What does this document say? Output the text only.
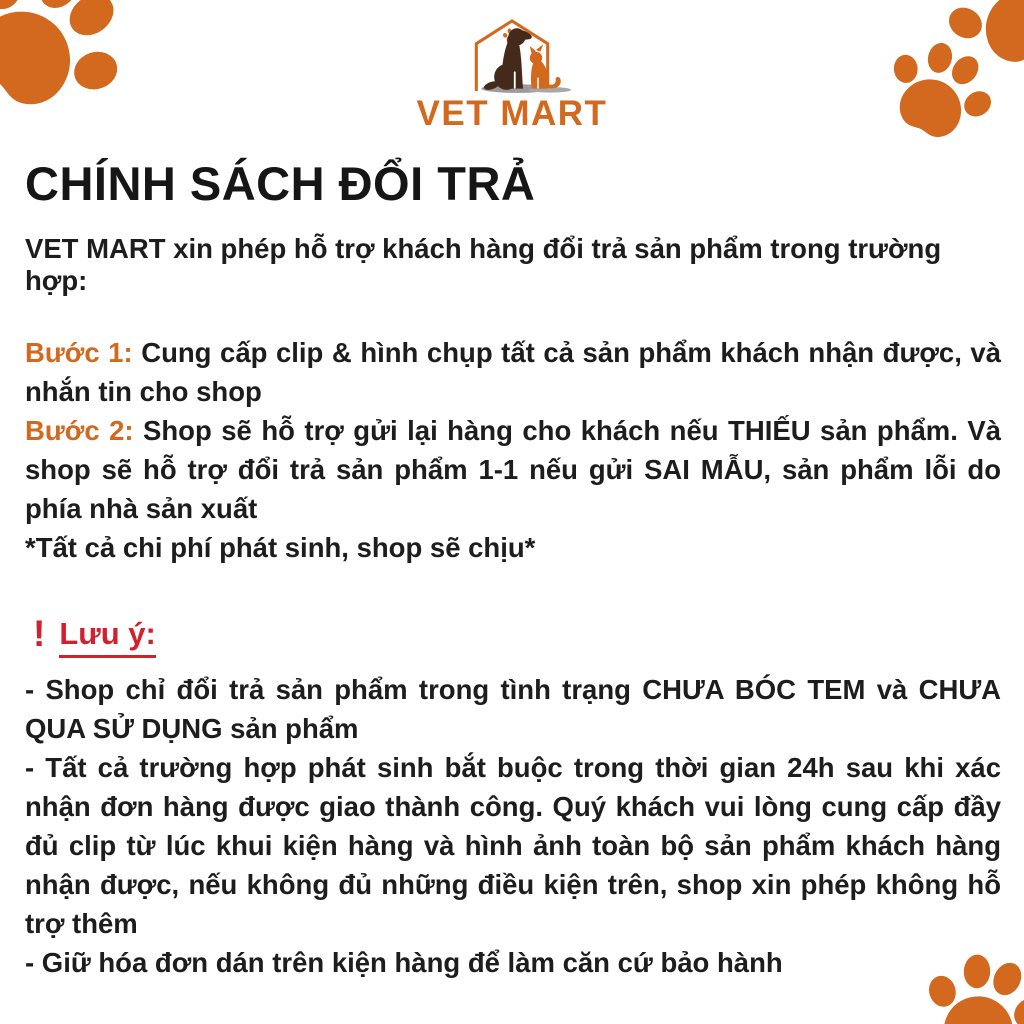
VET MART
CHÍNH SÁCH ĐỔI TRẢ

VET MART xin phép hỗ trợ khách hàng đổi trả sản phẩm trong trường hợp:

Bước 1: Cung cấp clip & hình chụp tất cả sản phẩm khách nhận được, và nhắn tin cho shop

Bước 2: Shop sẽ hỗ trợ gửi lại hàng cho khách nếu THIẾU sản phẩm. Và shop sẽ hỗ trợ đổi trả sản phẩm 1-1 nếu gửi SAI MẪU, sản phẩm lỗi do phía nhà sản xuất

*Tất cả chi phí phát sinh, shop sẽ chịu*

! Lưu ý:

- Shop chỉ đổi trả sản phẩm trong tình trạng CHƯA BÓC TEM và CHƯA QUA SỬ DỤNG sản phẩm

- Tất cả trường hợp phát sinh bắt buộc trong thời gian 24h sau khi xác nhận đơn hàng được giao thành công. Quý khách vui lòng cung cấp đầy đủ clip từ lúc khui kiện hàng và hình ảnh toàn bộ sản phẩm khách hàng nhận được, nếu không đủ những điều kiện trên, shop xin phép không hỗ trợ thêm

- Giữ hóa đơn dán trên kiện hàng để làm căn cứ bảo hành
